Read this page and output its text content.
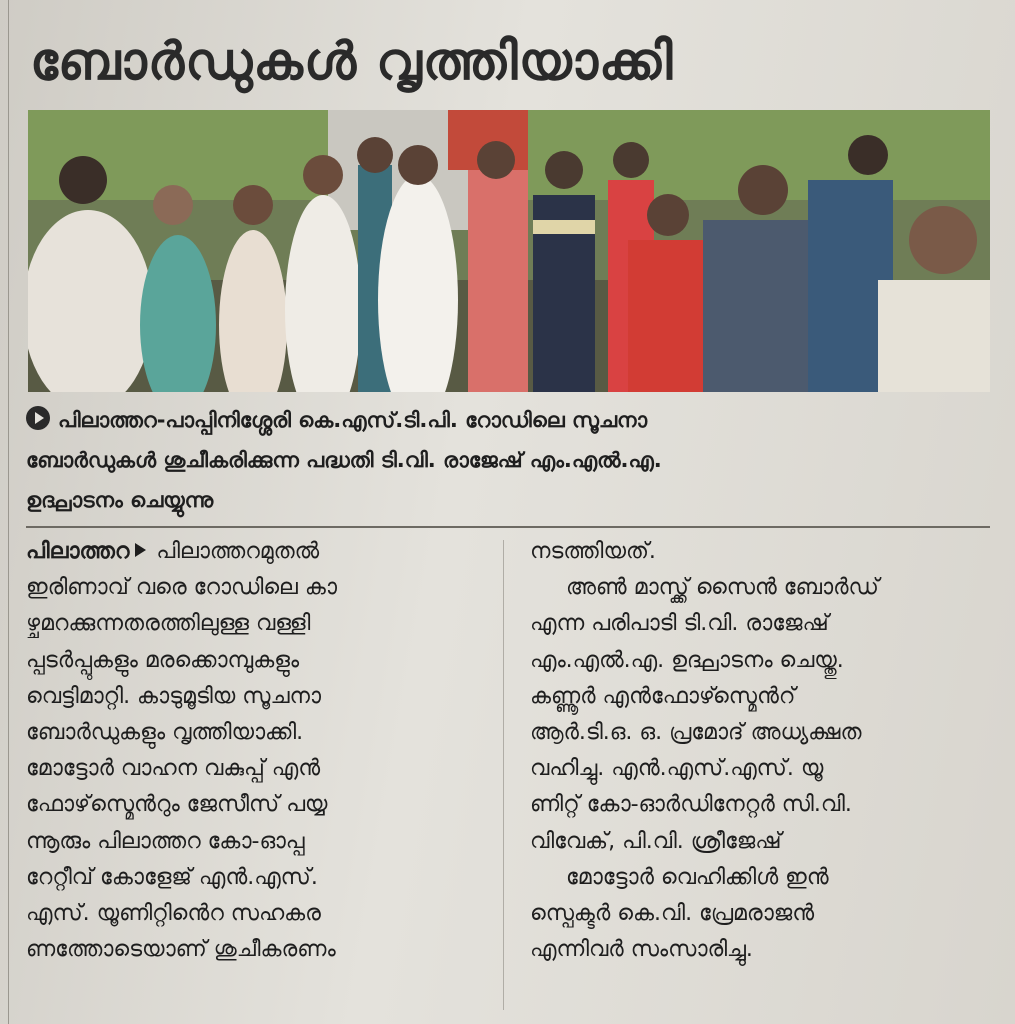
ബോർഡുകൾ വൃത്തിയാക്കി
പിലാത്തറ-പാപ്പിനിശ്ശേരി കെ.എസ്.ടി.പി. റോഡിലെ സൂചനാ
ബോർഡുകൾ ശുചീകരിക്കുന്ന പദ്ധതി ടി.വി. രാജേഷ് എം.എൽ.എ.
ഉദ്ഘാടനം ചെയ്യുന്നു
പിലാത്തറ പിലാത്തറമുതൽ
ഇരിണാവ് വരെ റോഡിലെ കാ
ഴ്ചമറക്കുന്നതരത്തിലുള്ള വള്ളി
പ്പടർപ്പുകളും മരക്കൊമ്പുകളും
വെട്ടിമാറ്റി. കാടുമൂടിയ സൂചനാ
ബോർഡുകളും വൃത്തിയാക്കി.
മോട്ടോർ വാഹന വകുപ്പ് എൻ
ഫോഴ്‌സ്മെൻറും ജേസീസ് പയ്യ
ന്നൂരും പിലാത്തറ കോ-ഓപ്പ
റേറ്റീവ് കോളേജ് എൻ.എസ്.
എസ്. യൂണിറ്റിൻെറ സഹകര
ണത്തോടെയാണ് ശുചീകരണം
നടത്തിയത്.
അൺ മാസ്ക്ക് സൈൻ ബോർഡ്
എന്ന പരിപാടി ടി.വി. രാജേഷ്
എം.എൽ.എ. ഉദ്ഘാടനം ചെയ്തു.
കണ്ണൂർ എൻഫോഴ്സ്മെൻറ്
ആർ.ടി.ഒ. ഒ. പ്രമോദ് അധ്യക്ഷത
വഹിച്ചു. എൻ.എസ്.എസ്. യൂ
ണിറ്റ് കോ-ഓർഡിനേറ്റർ സി.വി.
വിവേക്, പി.വി. ശ്രീജേഷ്
മോട്ടോർ വെഹിക്കിൾ ഇൻ
സ്പെക്ടർ കെ.വി. പ്രേമരാജൻ
എന്നിവർ സംസാരിച്ചു.
